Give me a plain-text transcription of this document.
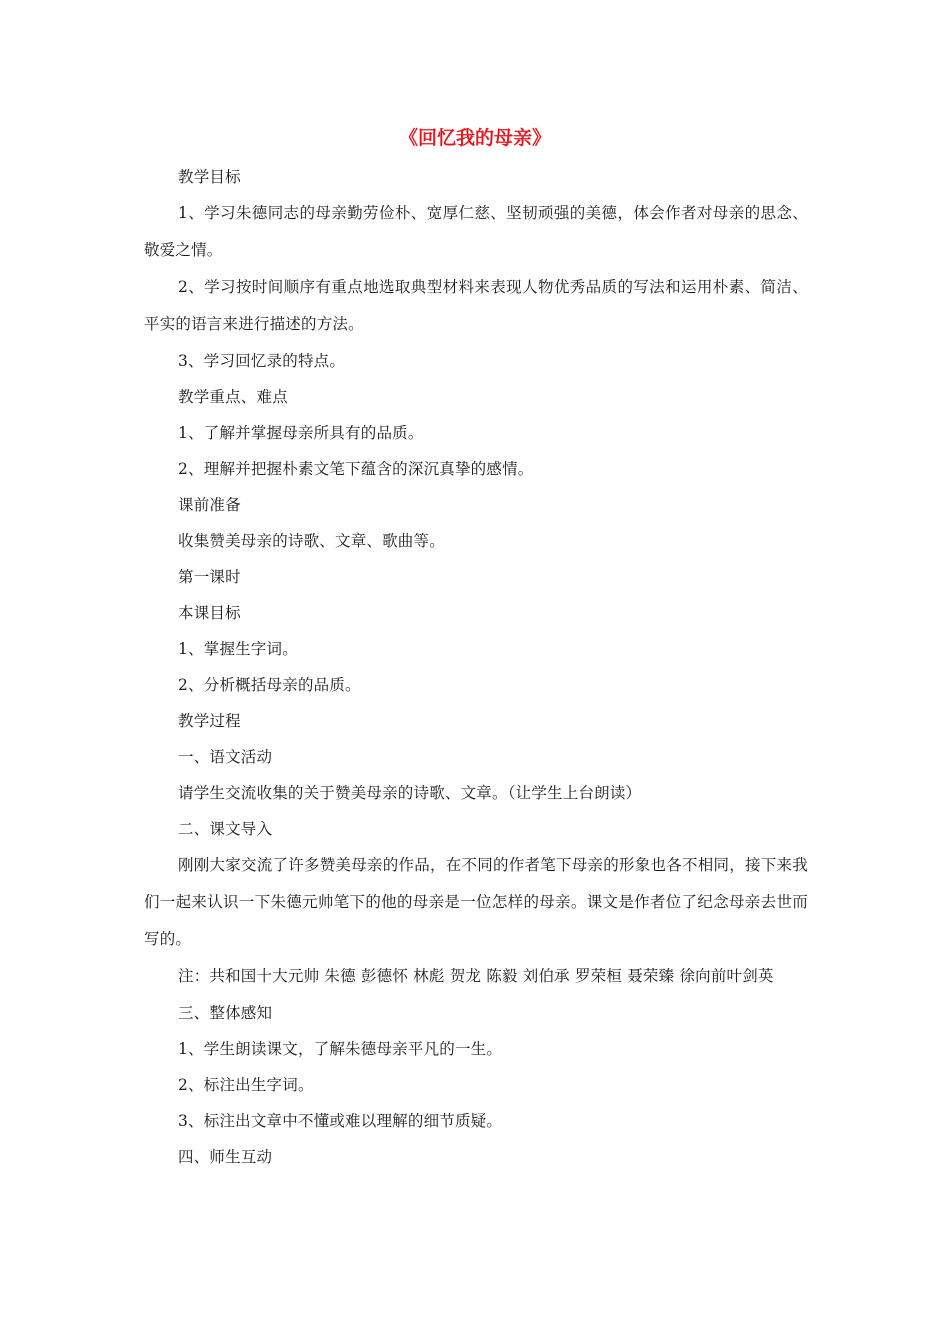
《回忆我的母亲》

教学目标

1、学习朱德同志的母亲勤劳俭朴、宽厚仁慈、坚韧顽强的美德，体会作者对母亲的思念、敬爱之情。

2、学习按时间顺序有重点地选取典型材料来表现人物优秀品质的写法和运用朴素、简洁、平实的语言来进行描述的方法。

3、学习回忆录的特点。

教学重点、难点

1、了解并掌握母亲所具有的品质。

2、理解并把握朴素文笔下蕴含的深沉真挚的感情。

课前准备

收集赞美母亲的诗歌、文章、歌曲等。

第一课时

本课目标

1、掌握生字词。

2、分析概括母亲的品质。

教学过程

一、语文活动

请学生交流收集的关于赞美母亲的诗歌、文章。（让学生上台朗读）

二、课文导入

刚刚大家交流了许多赞美母亲的作品，在不同的作者笔下母亲的形象也各不相同，接下来我们一起来认识一下朱德元帅笔下的他的母亲是一位怎样的母亲。课文是作者位了纪念母亲去世而写的。

注：共和国十大元帅 朱德 彭德怀 林彪 贺龙 陈毅 刘伯承 罗荣桓 聂荣臻 徐向前叶剑英

三、整体感知

1、学生朗读课文，了解朱德母亲平凡的一生。

2、标注出生字词。

3、标注出文章中不懂或难以理解的细节质疑。

四、师生互动
